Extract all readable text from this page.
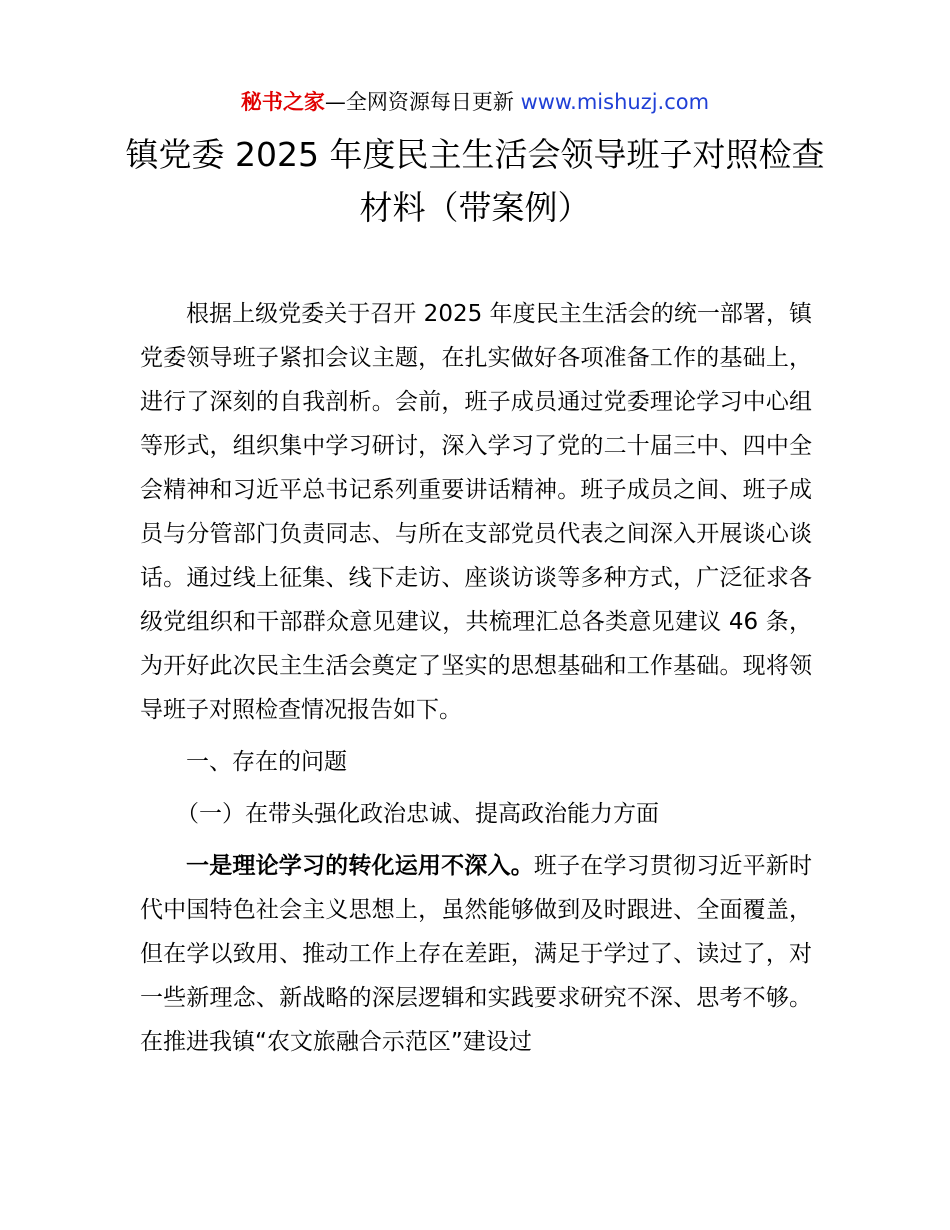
秘书之家—全网资源每日更新 www.mishuzj.com
镇党委 2025 年度民主生活会领导班子对照检查材料（带案例）

根据上级党委关于召开 2025 年度民主生活会的统一部署，镇党委领导班子紧扣会议主题，在扎实做好各项准备工作的基础上，进行了深刻的自我剖析。会前，班子成员通过党委理论学习中心组等形式，组织集中学习研讨，深入学习了党的二十届三中、四中全会精神和习近平总书记系列重要讲话精神。班子成员之间、班子成员与分管部门负责同志、与所在支部党员代表之间深入开展谈心谈话。通过线上征集、线下走访、座谈访谈等多种方式，广泛征求各级党组织和干部群众意见建议，共梳理汇总各类意见建议 46 条，为开好此次民主生活会奠定了坚实的思想基础和工作基础。现将领导班子对照检查情况报告如下。

一、存在的问题

（一）在带头强化政治忠诚、提高政治能力方面

一是理论学习的转化运用不深入。班子在学习贯彻习近平新时代中国特色社会主义思想上，虽然能够做到及时跟进、全面覆盖，但在学以致用、推动工作上存在差距，满足于学过了、读过了，对一些新理念、新战略的深层逻辑和实践要求研究不深、思考不够。在推进我镇“农文旅融合示范区”建设过
